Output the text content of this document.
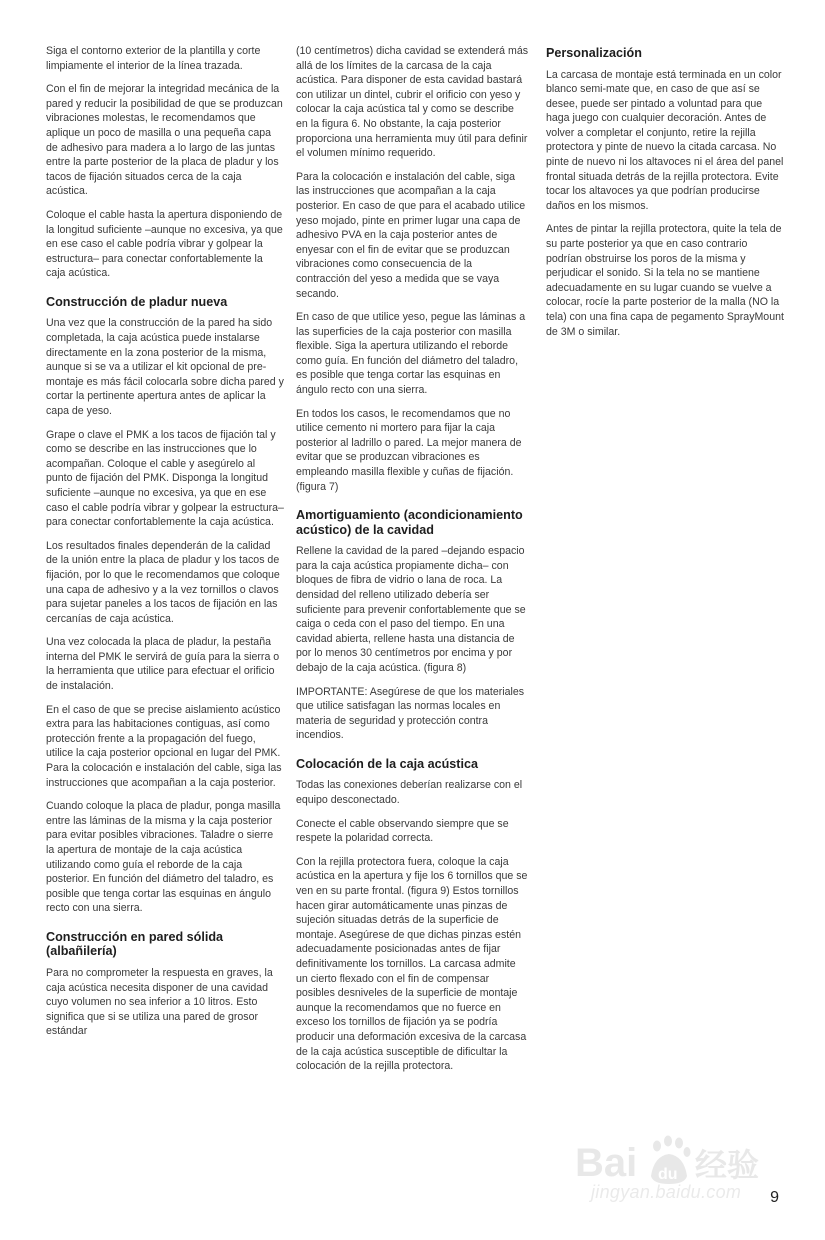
Siga el contorno exterior de la plantilla y corte limpiamente el interior de la línea trazada.

Con el fin de mejorar la integridad mecánica de la pared y reducir la posibilidad de que se produzcan vibraciones molestas, le recomendamos que aplique un poco de masilla o una pequeña capa de adhesivo para madera a lo largo de las juntas entre la parte posterior de la placa de pladur y los tacos de fijación situados cerca de la caja acústica.

Coloque el cable hasta la apertura disponiendo de la longitud suficiente –aunque no excesiva, ya que en ese caso el cable podría vibrar y golpear la estructura– para conectar confortablemente la caja acústica.

Construcción de pladur nueva

Una vez que la construcción de la pared ha sido completada, la caja acústica puede instalarse directamente en la zona posterior de la misma, aunque si se va a utilizar el kit opcional de pre-montaje es más fácil colocarla sobre dicha pared y cortar la pertinente apertura antes de aplicar la capa de yeso.

Grape o clave el PMK a los tacos de fijación tal y como se describe en las instrucciones que lo acompañan. Coloque el cable y asegúrelo al punto de fijación del PMK. Disponga la longitud suficiente –aunque no excesiva, ya que en ese caso el cable podría vibrar y golpear la estructura– para conectar confortablemente la caja acústica.

Los resultados finales dependerán de la calidad de la unión entre la placa de pladur y los tacos de fijación, por lo que le recomendamos que coloque una capa de adhesivo y a la vez tornillos o clavos para sujetar paneles a los tacos de fijación en las cercanías de caja acústica.

Una vez colocada la placa de pladur, la pestaña interna del PMK le servirá de guía para la sierra o la herramienta que utilice para efectuar el orificio de instalación.

En el caso de que se precise aislamiento acústico extra para las habitaciones contiguas, así como protección frente a la propagación del fuego, utilice la caja posterior opcional en lugar del PMK. Para la colocación e instalación del cable, siga las instrucciones que acompañan a la caja posterior.

Cuando coloque la placa de pladur, ponga masilla entre las láminas de la misma y la caja posterior para evitar posibles vibraciones. Taladre o sierre la apertura de montaje de la caja acústica utilizando como guía el reborde de la caja posterior. En función del diámetro del taladro, es posible que tenga cortar las esquinas en ángulo recto con una sierra.

Construcción en pared sólida (albañilería)

Para no comprometer la respuesta en graves, la caja acústica necesita disponer de una cavidad cuyo volumen no sea inferior a 10 litros. Esto significa que si se utiliza una pared de grosor estándar

(10 centímetros) dicha cavidad se extenderá más allá de los límites de la carcasa de la caja acústica. Para disponer de esta cavidad bastará con utilizar un dintel, cubrir el orificio con yeso y colocar la caja acústica tal y como se describe en la figura 6. No obstante, la caja posterior proporciona una herramienta muy útil para definir el volumen mínimo requerido.

Para la colocación e instalación del cable, siga las instrucciones que acompañan a la caja posterior. En caso de que para el acabado utilice yeso mojado, pinte en primer lugar una capa de adhesivo PVA en la caja posterior antes de enyesar con el fin de evitar que se produzcan vibraciones como consecuencia de la contracción del yeso a medida que se vaya secando.

En caso de que utilice yeso, pegue las láminas a las superficies de la caja posterior con masilla flexible. Siga la apertura utilizando el reborde como guía. En función del diámetro del taladro, es posible que tenga cortar las esquinas en ángulo recto con una sierra.

En todos los casos, le recomendamos que no utilice cemento ni mortero para fijar la caja posterior al ladrillo o pared. La mejor manera de evitar que se produzcan vibraciones es empleando masilla flexible y cuñas de fijación. (figura 7)

Amortiguamiento (acondicionamiento acústico) de la cavidad

Rellene la cavidad de la pared –dejando espacio para la caja acústica propiamente dicha– con bloques de fibra de vidrio o lana de roca. La densidad del relleno utilizado debería ser suficiente para prevenir confortablemente que se caiga o ceda con el paso del tiempo. En una cavidad abierta, rellene hasta una distancia de por lo menos 30 centímetros por encima y por debajo de la caja acústica. (figura 8)

IMPORTANTE: Asegúrese de que los materiales que utilice satisfagan las normas locales en materia de seguridad y protección contra incendios.

Colocación de la caja acústica

Todas las conexiones deberían realizarse con el equipo desconectado.

Conecte el cable observando siempre que se respete la polaridad correcta.

Con la rejilla protectora fuera, coloque la caja acústica en la apertura y fije los 6 tornillos que se ven en su parte frontal. (figura 9) Estos tornillos hacen girar automáticamente unas pinzas de sujeción situadas detrás de la superficie de montaje. Asegúrese de que dichas pinzas estén adecuadamente posicionadas antes de fijar definitivamente los tornillos. La carcasa admite un cierto flexado con el fin de compensar posibles desniveles de la superficie de montaje aunque la recomendamos que no fuerce en exceso los tornillos de fijación ya se podría producir una deformación excesiva de la carcasa de la caja acústica susceptible de dificultar la colocación de la rejilla protectora.

Personalización

La carcasa de montaje está terminada en un color blanco semi-mate que, en caso de que así se desee, puede ser pintado a voluntad para que haga juego con cualquier decoración. Antes de volver a completar el conjunto, retire la rejilla protectora y pinte de nuevo la citada carcasa. No pinte de nuevo ni los altavoces ni el área del panel frontal situada detrás de la rejilla protectora. Evite tocar los altavoces ya que podrían producirse daños en los mismos.

Antes de pintar la rejilla protectora, quite la tela de su parte posterior ya que en caso contrario podrían obstruirse los poros de la misma y perjudicar el sonido. Si la tela no se mantiene adecuadamente en su lugar cuando se vuelve a colocar, rocíe la parte posterior de la malla (NO la tela) con una fina capa de pegamento SprayMount de 3M o similar.

Bai du 经验
jingyan.baidu.com	9
